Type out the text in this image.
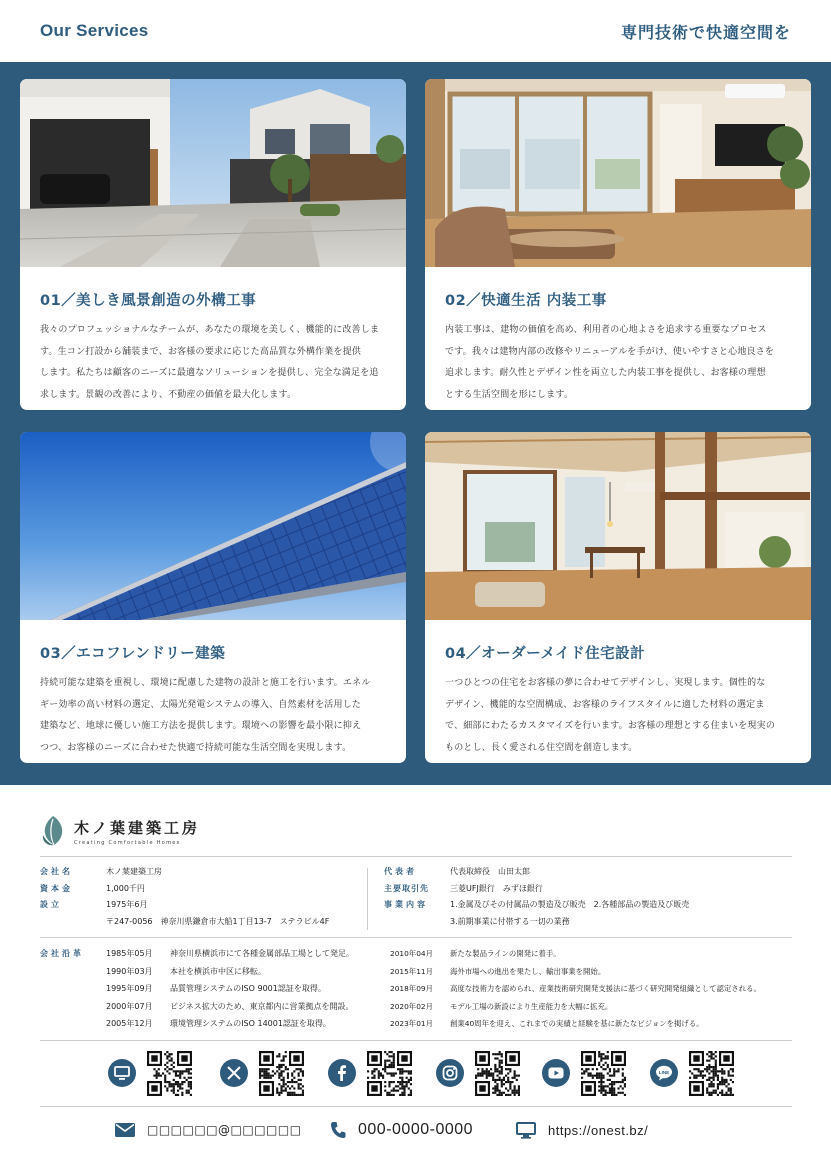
Our Services	専門技術で快適空間を
01／美しき風景創造の外構工事
我々のプロフェッショナルなチームが、あなたの環境を美しく、機能的に改善しま
す。生コン打設から舗装まで、お客様の要求に応じた高品質な外構作業を提供
します。私たちは顧客のニーズに最適なソリューションを提供し、完全な満足を追
求します。景観の改善により、不動産の価値を最大化します。
02／快適生活 内装工事
内装工事は、建物の価値を高め、利用者の心地よさを追求する重要なプロセス
です。我々は建物内部の改修やリニューアルを手がけ、使いやすさと心地良さを
追求します。耐久性とデザイン性を両立した内装工事を提供し、お客様の理想
とする生活空間を形にします。
03／エコフレンドリー建築
持続可能な建築を重視し、環境に配慮した建物の設計と施工を行います。エネル
ギー効率の高い材料の選定、太陽光発電システムの導入、自然素材を活用した
建築など、地球に優しい施工方法を提供します。環境への影響を最小限に抑え
つつ、お客様のニーズに合わせた快適で持続可能な生活空間を実現します。
04／オーダーメイド住宅設計
一つひとつの住宅をお客様の夢に合わせてデザインし、実現します。個性的な
デザイン、機能的な空間構成、お客様のライフスタイルに適した材料の選定ま
で、細部にわたるカスタマイズを行います。お客様の理想とする住まいを現実の
ものとし、長く愛される住空間を創造します。
木ノ葉建築工房
Creating Comfortable Homes
会社名	木ノ葉建築工房
資本金	1,000千円
設立	1975年6月
〒247-0056　神奈川県鎌倉市大船1丁目13-7　ステラビル4F
代表者	代表取締役　山田太郎
主要取引先	三菱UFJ銀行　みずほ銀行
事業内容	1.金属及びその付属品の製造及び販売　2.各種部品の製造及び販売
3.前期事業に付帯する一切の業務
会社沿革	1985年05月 神奈川県横浜市にて各種金属部品工場として発足。
1990年03月 本社を横浜市中区に移転。
1995年09月 品質管理システムのISO 9001認証を取得。
2000年07月 ビジネス拡大のため、東京都内に営業拠点を開設。
2005年12月 環境管理システムのISO 14001認証を取得。
2010年04月 新たな製品ラインの開発に着手。
2015年11月 海外市場への進出を果たし、輸出事業を開始。
2018年09月 高度な技術力を認められ、産業技術研究開発支援法に基づく研究開発組織として認定される。
2020年02月 モデル工場の新設により生産能力を大幅に拡充。
2023年01月 創業40周年を迎え、これまでの実績と経験を基に新たなビジョンを掲げる。
LINE
□□□□□□@□□□□□□	000-0000-0000	https://onest.bz/
